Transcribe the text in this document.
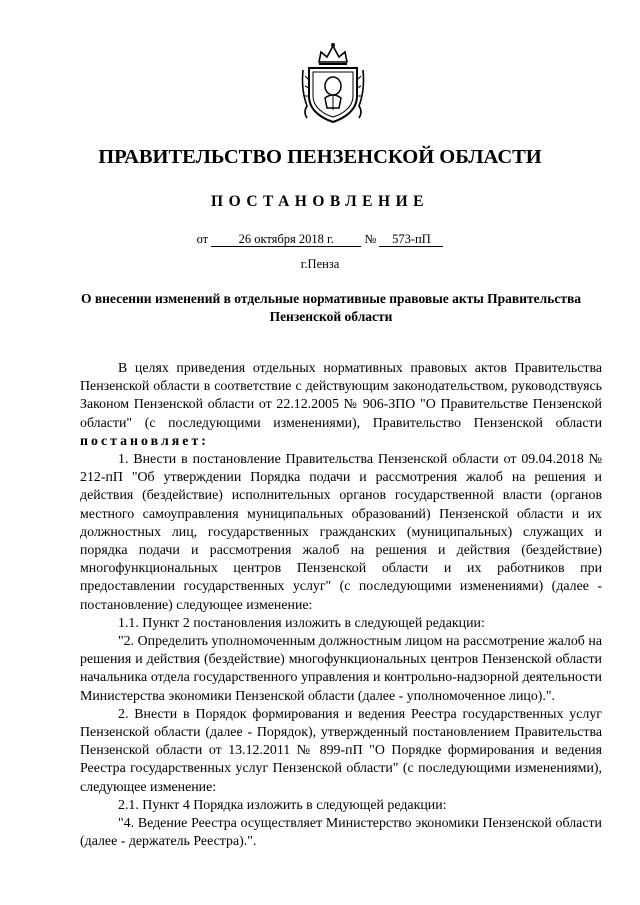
ПРАВИТЕЛЬСТВО ПЕНЗЕНСКОЙ ОБЛАСТИ
ПОСТАНОВЛЕНИЕ
от 26 октября 2018 г. № 573-пП
г.Пенза
О внесении изменений в отдельные нормативные правовые акты Правительства Пензенской области

В целях приведения отдельных нормативных правовых актов Правительства Пензенской области в соответствие с действующим законодательством, руководствуясь Законом Пензенской области от 22.12.2005 № 906-ЗПО "О Правительстве Пензенской области" (с последующими изменениями), Правительство Пензенской области постановляет:

1. Внести в постановление Правительства Пензенской области от 09.04.2018 № 212-пП "Об утверждении Порядка подачи и рассмотрения жалоб на решения и действия (бездействие) исполнительных органов государственной власти (органов местного самоуправления муниципальных образований) Пензенской области и их должностных лиц, государственных гражданских (муниципальных) служащих и порядка подачи и рассмотрения жалоб на решения и действия (бездействие) многофункциональных центров Пензенской области и их работников при предоставлении государственных услуг" (с последующими изменениями) (далее - постановление) следующее изменение:

1.1. Пункт 2 постановления изложить в следующей редакции:

"2. Определить уполномоченным должностным лицом на рассмотрение жалоб на решения и действия (бездействие) многофункциональных центров Пензенской области начальника отдела государственного управления и контрольно-надзорной деятельности Министерства экономики Пензенской области (далее - уполномоченное лицо).".

2. Внести в Порядок формирования и ведения Реестра государственных услуг Пензенской области (далее - Порядок), утвержденный постановлением Правительства Пензенской области от 13.12.2011 № 899-пП "О Порядке формирования и ведения Реестра государственных услуг Пензенской области" (с последующими изменениями), следующее изменение:

2.1. Пункт 4 Порядка изложить в следующей редакции:

"4. Ведение Реестра осуществляет Министерство экономики Пензенской области (далее - держатель Реестра).".
